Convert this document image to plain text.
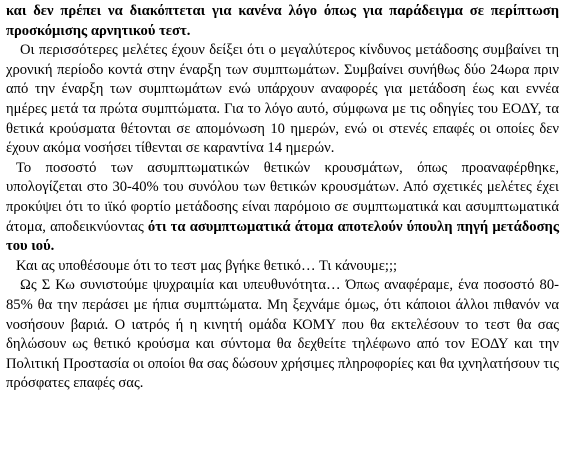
και δεν πρέπει να διακόπτεται για κανένα λόγο όπως για παράδειγμα σε περίπτωση προσκόμισης αρνητικού τεστ.

Οι περισσότερες μελέτες έχουν δείξει ότι ο μεγαλύτερος κίνδυνος μετάδοσης συμβαίνει τη χρονική περίοδο κοντά στην έναρξη των συμπτωμάτων. Συμβαίνει συνήθως δύο 24ωρα πριν από την έναρξη των συμπτωμάτων ενώ υπάρχουν αναφορές για μετάδοση έως και εννέα ημέρες μετά τα πρώτα συμπτώματα. Για το λόγο αυτό, σύμφωνα με τις οδηγίες του ΕΟΔΥ, τα θετικά κρούσματα θέτονται σε απομόνωση 10 ημερών, ενώ οι στενές επαφές οι οποίες δεν έχουν ακόμα νοσήσει τίθενται σε καραντίνα 14 ημερών.

Το ποσοστό των ασυμπτωματικών θετικών κρουσμάτων, όπως προαναφέρθηκε, υπολογίζεται στο 30-40% του συνόλου των θετικών κρουσμάτων. Από σχετικές μελέτες έχει προκύψει ότι το ιϊκό φορτίο μετάδοσης είναι παρόμοιο σε συμπτωματικά και ασυμπτωματικά άτομα, αποδεικνύοντας ότι τα ασυμπτωματικά άτομα αποτελούν ύπουλη πηγή μετάδοσης του ιού.

Και ας υποθέσουμε ότι το τεστ μας βγήκε θετικό… Τι κάνουμε;;;

Ως Σ Κω συνιστούμε ψυχραιμία και υπευθυνότητα… Όπως αναφέραμε, ένα ποσοστό 80-85% θα την περάσει με ήπια συμπτώματα. Μη ξεχνάμε όμως, ότι κάποιοι άλλοι πιθανόν να νοσήσουν βαριά. Ο ιατρός ή η κινητή ομάδα ΚΟΜΥ που θα εκτελέσουν το τεστ θα σας δηλώσουν ως θετικό κρούσμα και σύντομα θα δεχθείτε τηλέφωνο από τον ΕΟΔΥ και την Πολιτική Προστασία οι οποίοι θα σας δώσουν χρήσιμες πληροφορίες και θα ιχνηλατήσουν τις πρόσφατες επαφές σας.
